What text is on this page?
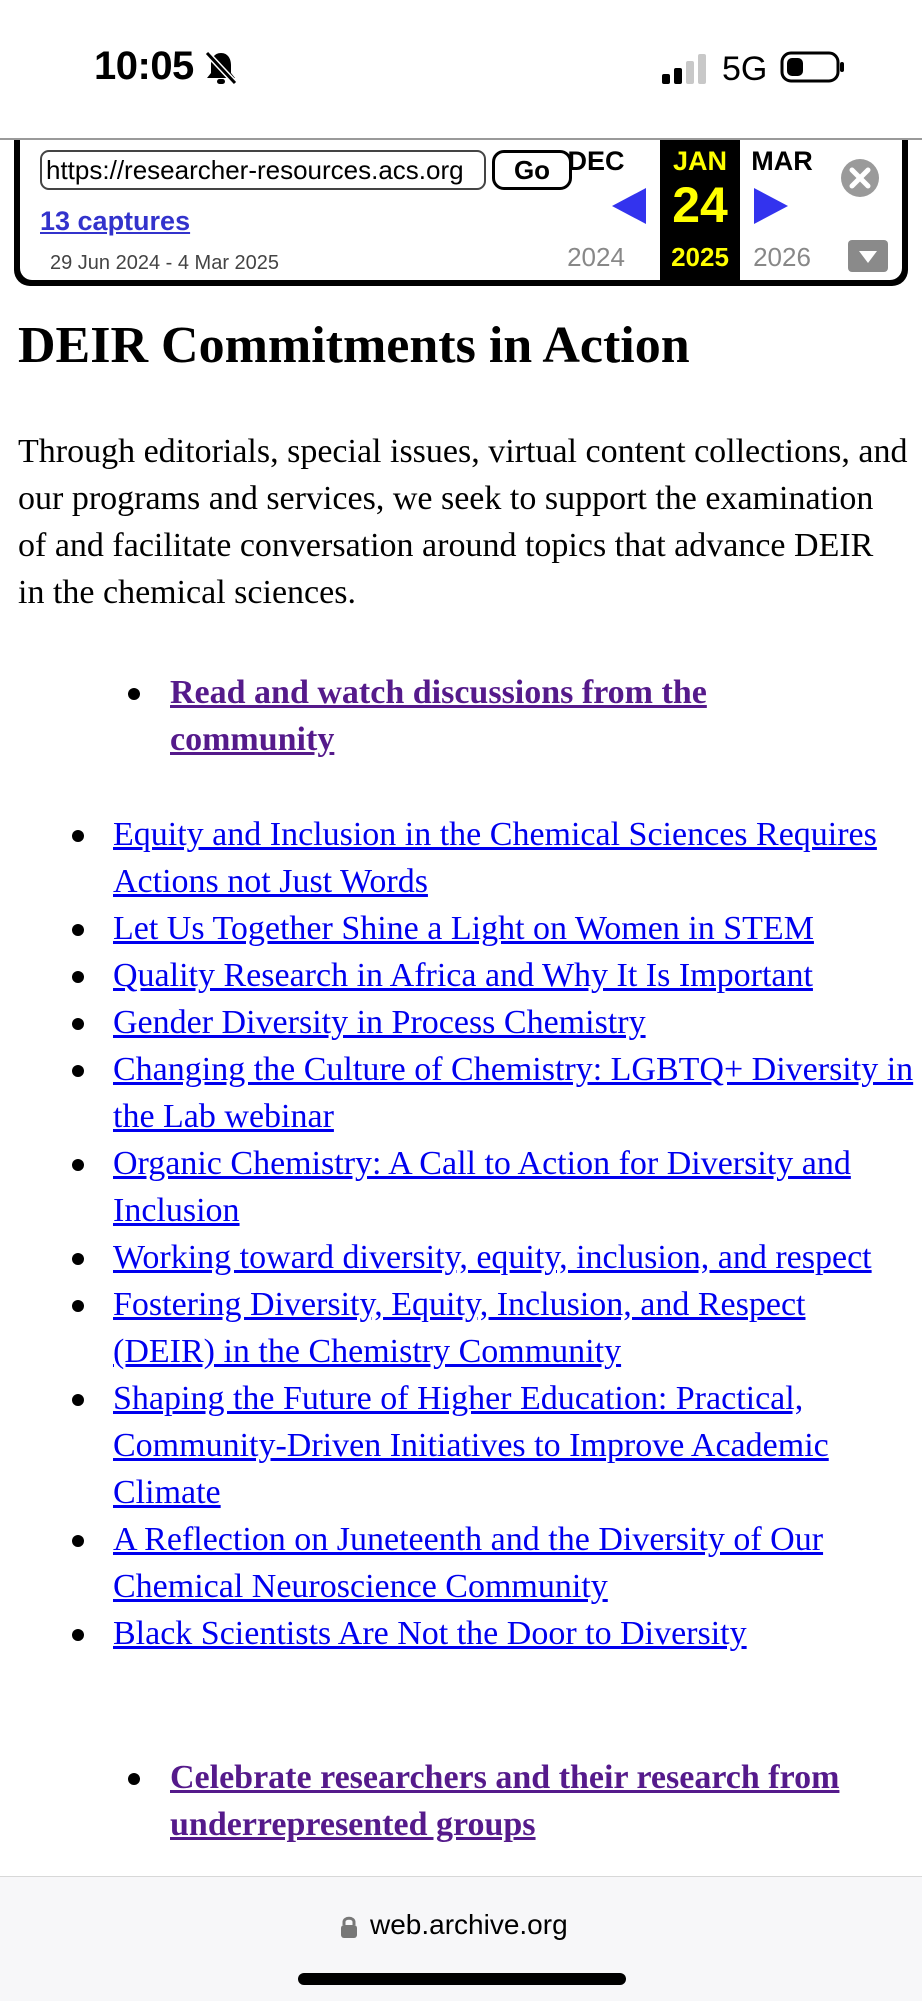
10:05	5G
https://researcher-resources.acs.org	Go
13 captures
29 Jun 2024 - 4 Mar 2025
DEC
2024
JAN
24
2025
MAR
2026
DEIR Commitments in Action

Through editorials, special issues, virtual content collections, and our programs and services, we seek to support the examination of and facilitate conversation around topics that advance DEIR in the chemical sciences.

Read and watch discussions from the community
Equity and Inclusion in the Chemical Sciences Requires Actions not Just Words
Let Us Together Shine a Light on Women in STEM
Quality Research in Africa and Why It Is Important
Gender Diversity in Process Chemistry
Changing the Culture of Chemistry: LGBTQ+ Diversity in the Lab webinar
Organic Chemistry: A Call to Action for Diversity and Inclusion
Working toward diversity, equity, inclusion, and respect
Fostering Diversity, Equity, Inclusion, and Respect (DEIR) in the Chemistry Community
Shaping the Future of Higher Education: Practical, Community-Driven Initiatives to Improve Academic Climate
A Reflection on Juneteenth and the Diversity of Our Chemical Neuroscience Community
Black Scientists Are Not the Door to Diversity
Celebrate researchers and their research from underrepresented groups
web.archive.org
